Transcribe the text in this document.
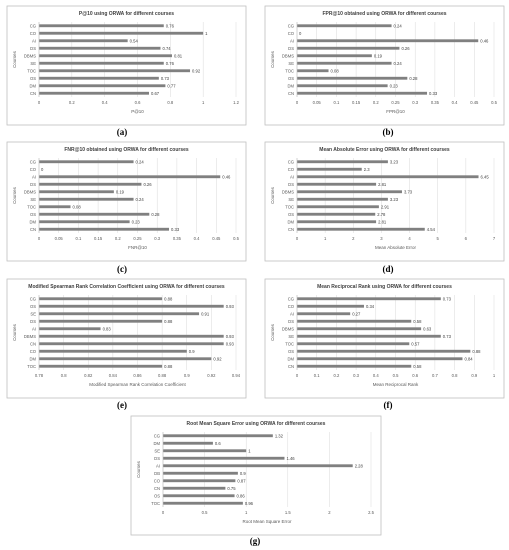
P@10 using ORWA for different courses
0	0.2	0.4	0.6	0.8	1	1.2
CG	0.76
CO	1
AI	0.54
DS	0.74
DBMS	0.81
SE	0.76
TOC	0.92
OS	0.73
DM	0.77
CN	0.67
P@10
Courses
FPR@10 obtained using ORWA for different courses
0	0.05	0.1	0.15	0.2	0.25	0.3	0.35	0.4	0.45	0.5
CG	0.24
CO 0
AI	0.46
DS	0.26
DBMS	0.19
SE	0.24
TOC	0.08
OS	0.28
DM	0.23
CN	0.33
FPR@10
Courses
FNR@10 obtained using ORWA for different courses
0	0.05	0.1	0.15	0.2	0.25	0.3	0.35	0.4	0.45	0.5
CG	0.24
CO 0
AI	0.46
DS	0.26
DBMS	0.19
SE	0.24
TOC	0.08
OS	0.28
DM	0.23
CN	0.33
FNR@10
Courses
Mean Absolute Error using ORWA for different courses
0	1	2	3	4	5	6	7
CG	3.23
CO	2.3
AI	6.45
DS	2.81
DBMS	3.73
SE	3.23
TOC	2.91
OS	2.78
DM	2.81
CN	4.54
Mean Absolute Error
Courses
Modified Spearman Rank Correlation Coefficient using ORWA for different courses
0.78	0.8	0.82	0.84	0.86	0.88	0.9	0.92	0.94
CG	0.88
OS	0.93
SE	0.91
DS	0.88
AI	0.83
DBMS	0.93
CN	0.93
CO	0.9
DM	0.92
TOC	0.88
Modified Spearman Rank Correlation Coefficient
Courses
Mean Reciprocal Rank using ORWA for different courses
0	0.1	0.2	0.3	0.4	0.5	0.6	0.7	0.8	0.9	1
CG	0.73
CO	0.34
AI	0.27
DS	0.58
DBMS	0.63
SE	0.73
TOC	0.57
OS	0.88
DM	0.84
CN	0.58
Mean Reciprocal Rank
Courses
Root Mean Square Error using ORWA for different courses
0	0.5	1	1.5	2	2.5
CG	1.32
DM	0.6
SE	1
DS	1.46
AI	2.28
DB	0.9
CO	0.87
CN	0.75
OS	0.86
TOC	0.96
Root Mean Square Error
Courses
(a)	(b)
(c)	(d)
(e)	(f)
(g)
